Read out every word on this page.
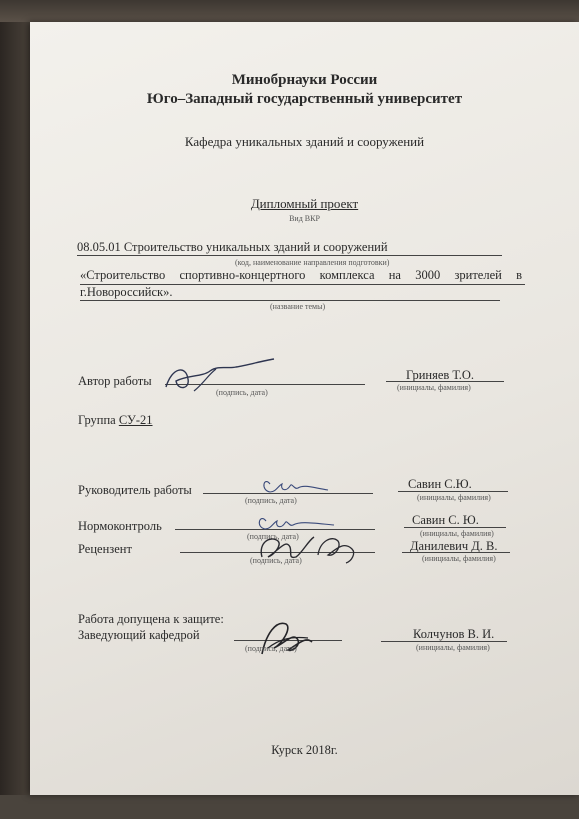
Минобрнауки России
Юго–Западный государственный университет
Кафедра уникальных зданий и сооружений
Дипломный проект
Вид ВКР
08.05.01 Строительство уникальных зданий и сооружений
(код, наименование направления подготовки)
«Строительство спортивно-концертного комплекса на 3000 зрителей в
г.Новороссийск».
(название темы)
Автор работы
(подпись, дата)
Гриняев Т.О.
(инициалы, фамилия)
Группа СУ-21
Руководитель работы
(подпись, дата)
Савин С.Ю.
(инициалы, фамилия)
Нормоконтроль
(подпись, дата)
Савин С. Ю.
(инициалы, фамилия)
Рецензент
(подпись, дата)
Данилевич Д. В.
(инициалы, фамилия)
Работа допущена к защите:
Заведующий кафедрой
(подпись, дата)
Колчунов В. И.
(инициалы, фамилия)
Курск 2018г.
